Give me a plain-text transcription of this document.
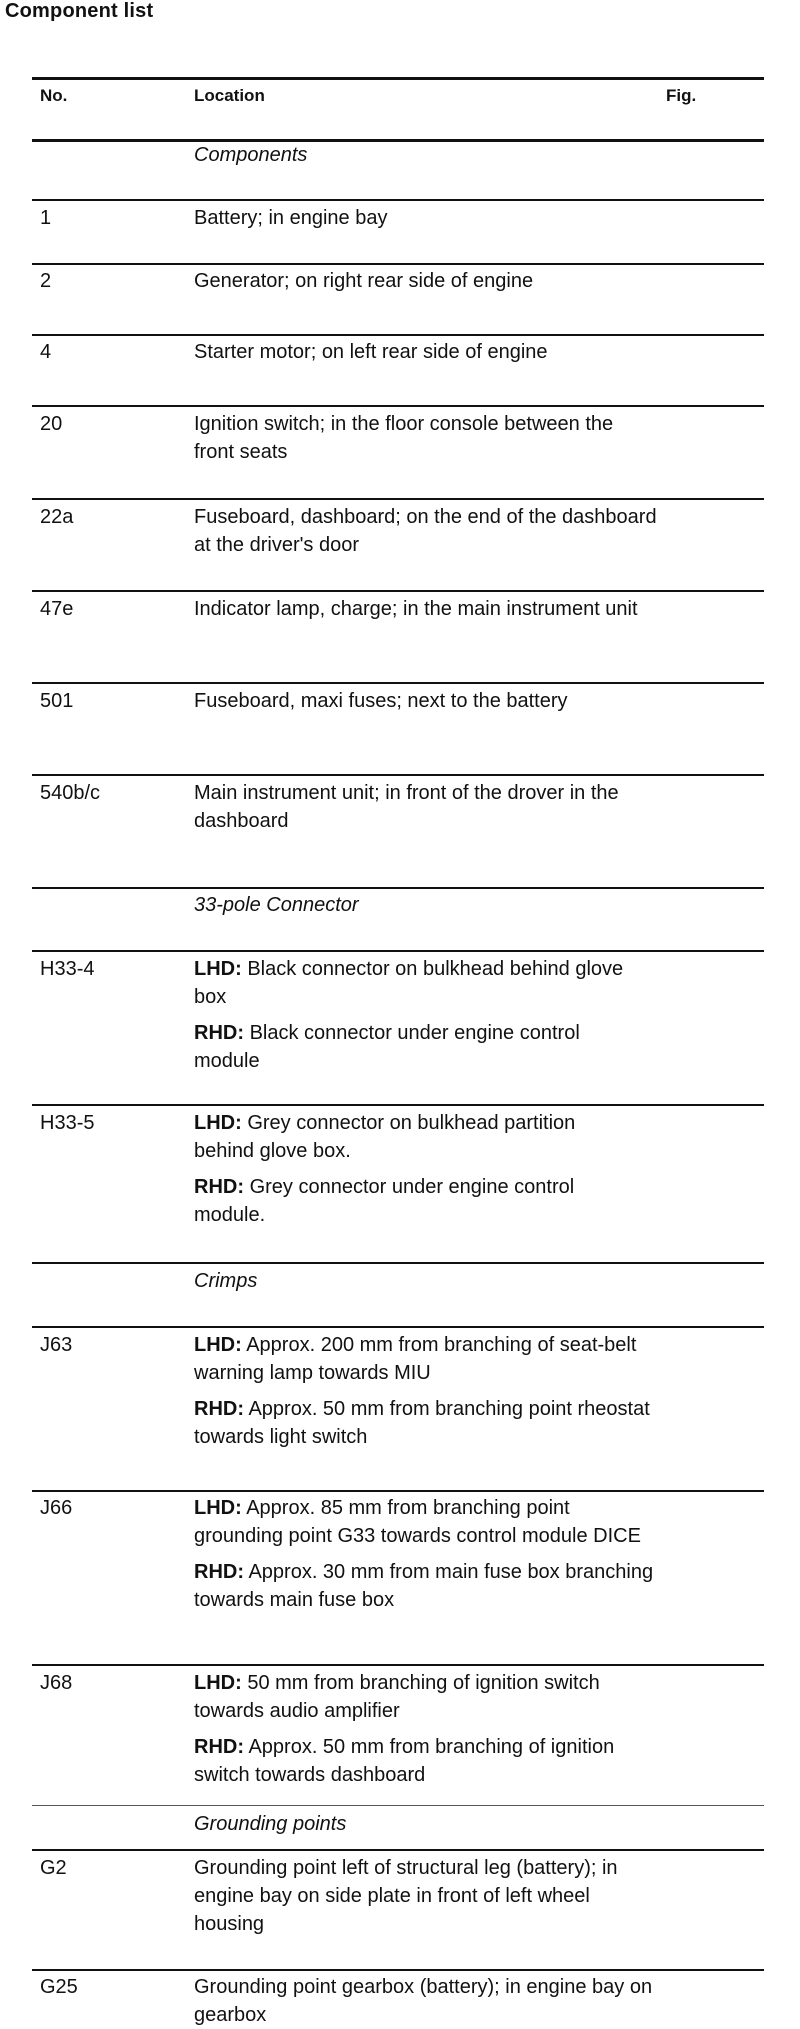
Component list
No.	Location	Fig.
Components
1	Battery; in engine bay
2	Generator; on right rear side of engine
4	Starter motor; on left rear side of engine
20	Ignition switch; in the floor console between the front seats
22a	Fuseboard, dashboard; on the end of the dashboard at the driver's door
47e	Indicator lamp, charge; in the main instrument unit
501	Fuseboard, maxi fuses; next to the battery
540b/c	Main instrument unit; in front of the drover in the dashboard
33-pole Connector
H33-4	LHD: Black connector on bulkhead behind glove box
RHD: Black connector under engine control module
H33-5	LHD: Grey connector on bulkhead partition behind glove box.
RHD: Grey connector under engine control module.
Crimps
J63	LHD: Approx. 200 mm from branching of seat-belt warning lamp towards MIU
RHD: Approx. 50 mm from branching point rheostat towards light switch
J66	LHD: Approx. 85 mm from branching point grounding point G33 towards control module DICE
RHD: Approx. 30 mm from main fuse box branching towards main fuse box
J68	LHD: 50 mm from branching of ignition switch towards audio amplifier
RHD: Approx. 50 mm from branching of ignition switch towards dashboard
Grounding points
G2	Grounding point left of structural leg (battery); in engine bay on side plate in front of left wheel housing
G25	Grounding point gearbox (battery); in engine bay on gearbox
